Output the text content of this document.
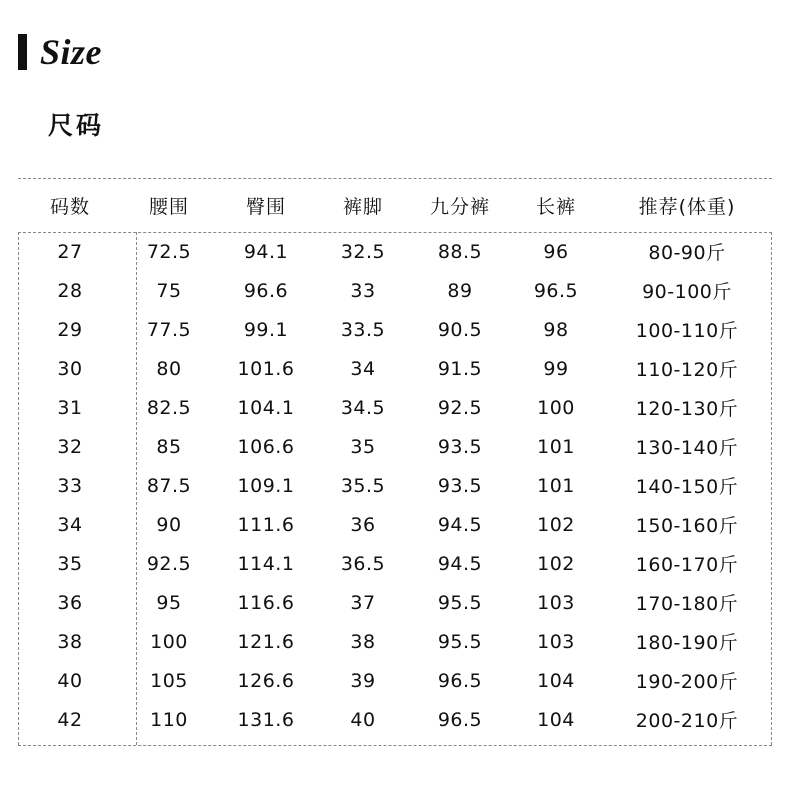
Size
尺码
码数	腰围	臀围	裤脚	九分裤	长裤	推荐(体重)
27	72.5	94.1	32.5	88.5	96	80-90斤
28	75	96.6	33	89	96.5	90-100斤
29	77.5	99.1	33.5	90.5	98	100-110斤
30	80	101.6	34	91.5	99	110-120斤
31	82.5	104.1	34.5	92.5	100	120-130斤
32	85	106.6	35	93.5	101	130-140斤
33	87.5	109.1	35.5	93.5	101	140-150斤
34	90	111.6	36	94.5	102	150-160斤
35	92.5	114.1	36.5	94.5	102	160-170斤
36	95	116.6	37	95.5	103	170-180斤
38	100	121.6	38	95.5	103	180-190斤
40	105	126.6	39	96.5	104	190-200斤
42	110	131.6	40	96.5	104	200-210斤
